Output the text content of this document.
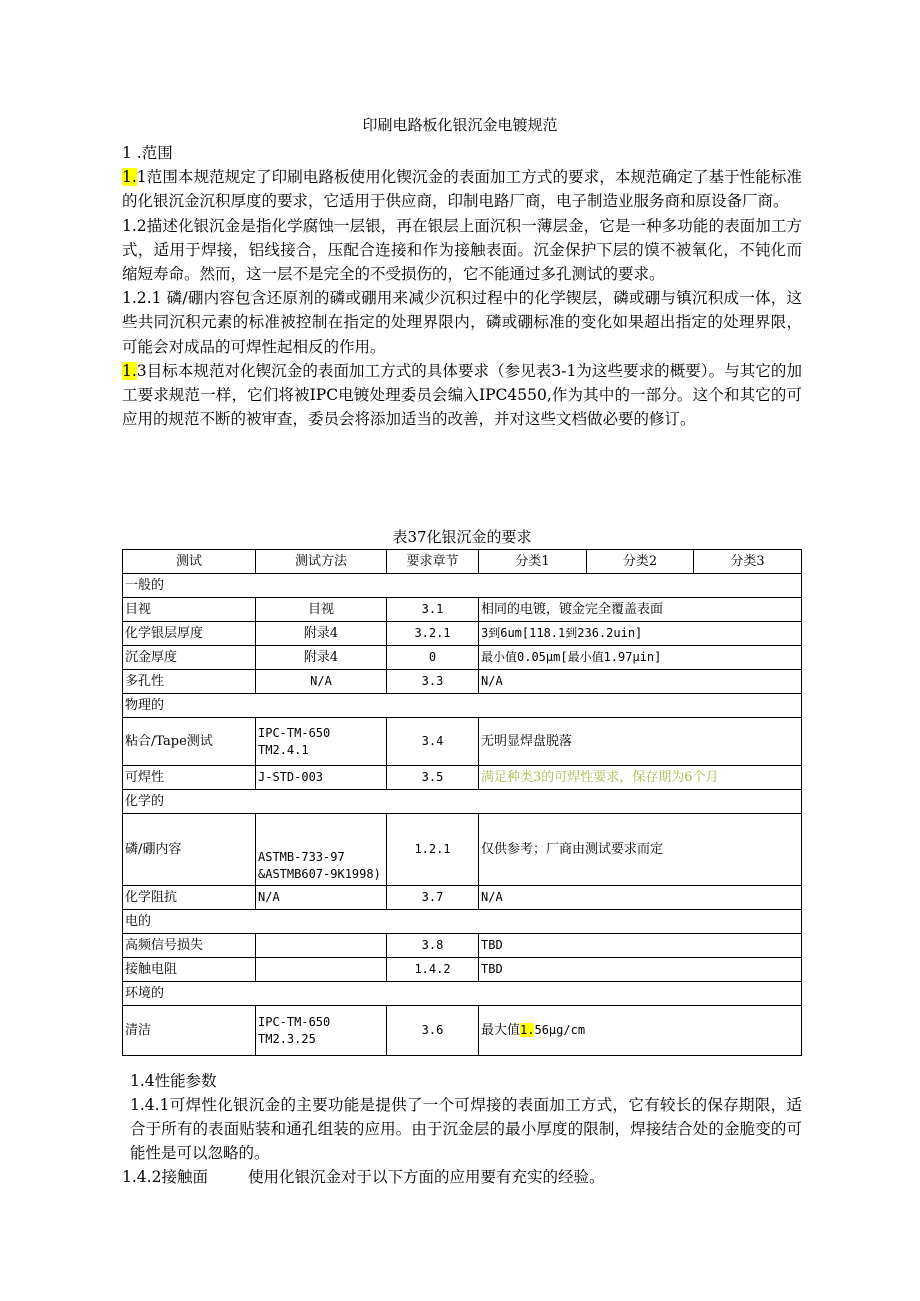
印刷电路板化银沉金电镀规范

1 .范围

1.1范围本规范规定了印刷电路板使用化锲沉金的表面加工方式的要求，本规范确定了基于性能标准的化银沉金沉积厚度的要求，它适用于供应商，印制电路厂商，电子制造业服务商和原设备厂商。

1.2描述化银沉金是指化学腐蚀一层银，再在银层上面沉积一薄层金，它是一种多功能的表面加工方式，适用于焊接，铝线接合，压配合连接和作为接触表面。沉金保护下层的馍不被氧化，不钝化而缩短寿命。然而，这一层不是完全的不受损伤的，它不能通过多孔测试的要求。

1.2.1 磷/硼内容包含还原剂的磷或硼用来减少沉积过程中的化学锲层，磷或硼与镇沉积成一体，这些共同沉积元素的标准被控制在指定的处理界限内，磷或硼标准的变化如果超出指定的处理界限，可能会对成品的可焊性起相反的作用。

1.3目标本规范对化锲沉金的表面加工方式的具体要求（参见表3-1为这些要求的概要）。与其它的加工要求规范一样，它们将被IPC电镀处理委员会编入IPC4550,作为其中的一部分。这个和其它的可应用的规范不断的被审查，委员会将添加适当的改善，并对这些文档做必要的修订。

表37化银沉金的要求
测试	测试方法	要求章节	分类1	分类2	分类3
一般的					
目视	目视	3.1	相同的电镀，镀金完全覆盖表面		
化学银层厚度	附录4	3.2.1	3到6um[118.1到236.2uin]		
沉金厚度	附录4	0	最小值0.05μm[最小值1.97μin]		
多孔性	N/A	3.3	N/A		
物理的					
粘合/Tape测试	IPC-TM-650
TM2.4.1	3.4	无明显焊盘脱落		
可焊性	J-STD-003	3.5	满足种类3的可焊性要求，保存期为6个月		
化学的					
磷/硼内容	ASTMB-733-97
&ASTMB607-9K1998)	1.2.1	仅供参考；厂商由测试要求而定		
化学阻抗	N/A	3.7	N/A		
电的					
高频信号损失		3.8	TBD		
接触电阻		1.4.2	TBD		
环境的					
清洁	IPC-TM-650
TM2.3.25	3.6	最大值1.56μg/cm		

1.4性能参数

1.4.1可焊性化银沉金的主要功能是提供了一个可焊接的表面加工方式，它有较长的保存期限，适合于所有的表面贴装和通孔组装的应用。由于沉金层的最小厚度的限制，焊接结合处的金脆变的可能性是可以忽略的。

1.4.2接触面	使用化银沉金对于以下方面的应用要有充实的经验。
